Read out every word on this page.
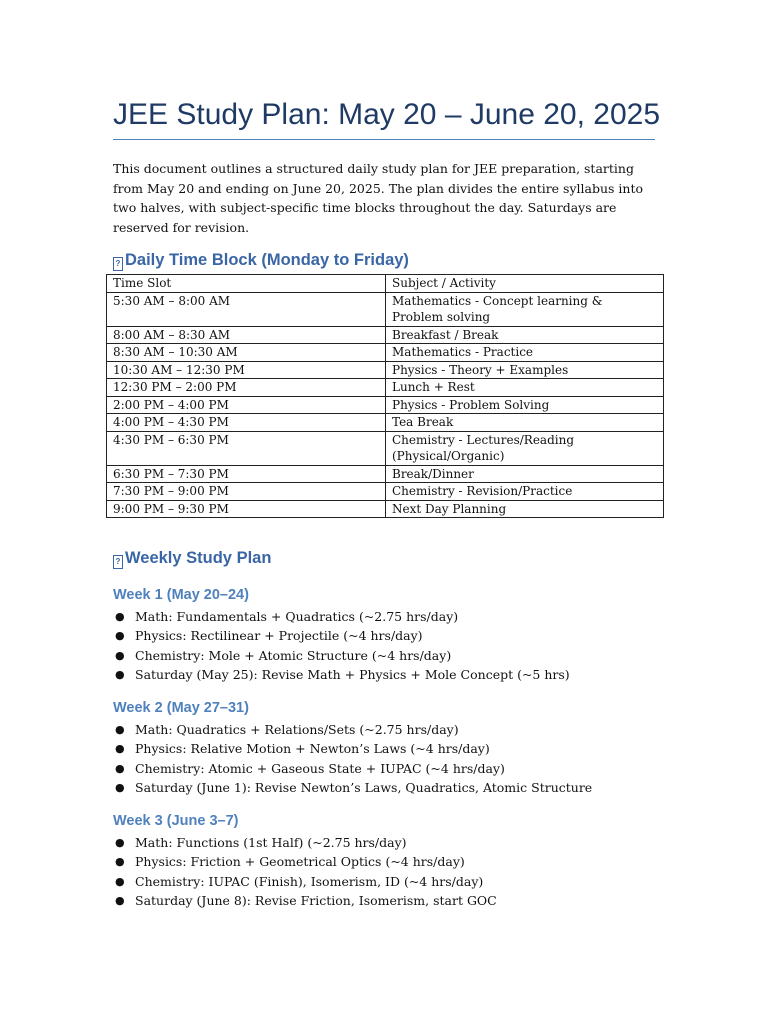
JEE Study Plan: May 20 – June 20, 2025
This document outlines a structured daily study plan for JEE preparation, starting from May 20 and ending on June 20, 2025. The plan divides the entire syllabus into two halves, with subject-specific time blocks throughout the day. Saturdays are reserved for revision.
? Daily Time Block (Monday to Friday)
Time Slot	Subject / Activity
5:30 AM – 8:00 AM	Mathematics - Concept learning & Problem solving
8:00 AM – 8:30 AM	Breakfast / Break
8:30 AM – 10:30 AM	Mathematics - Practice
10:30 AM – 12:30 PM	Physics - Theory + Examples
12:30 PM – 2:00 PM	Lunch + Rest
2:00 PM – 4:00 PM	Physics - Problem Solving
4:00 PM – 4:30 PM	Tea Break
4:30 PM – 6:30 PM	Chemistry - Lectures/Reading (Physical/Organic)
6:30 PM – 7:30 PM	Break/Dinner
7:30 PM – 9:00 PM	Chemistry - Revision/Practice
9:00 PM – 9:30 PM	Next Day Planning
? Weekly Study Plan
Week 1 (May 20–24)
● Math: Fundamentals + Quadratics (~2.75 hrs/day)
● Physics: Rectilinear + Projectile (~4 hrs/day)
● Chemistry: Mole + Atomic Structure (~4 hrs/day)
● Saturday (May 25): Revise Math + Physics + Mole Concept (~5 hrs)
Week 2 (May 27–31)
● Math: Quadratics + Relations/Sets (~2.75 hrs/day)
● Physics: Relative Motion + Newton’s Laws (~4 hrs/day)
● Chemistry: Atomic + Gaseous State + IUPAC (~4 hrs/day)
● Saturday (June 1): Revise Newton’s Laws, Quadratics, Atomic Structure
Week 3 (June 3–7)
● Math: Functions (1st Half) (~2.75 hrs/day)
● Physics: Friction + Geometrical Optics (~4 hrs/day)
● Chemistry: IUPAC (Finish), Isomerism, ID (~4 hrs/day)
● Saturday (June 8): Revise Friction, Isomerism, start GOC
